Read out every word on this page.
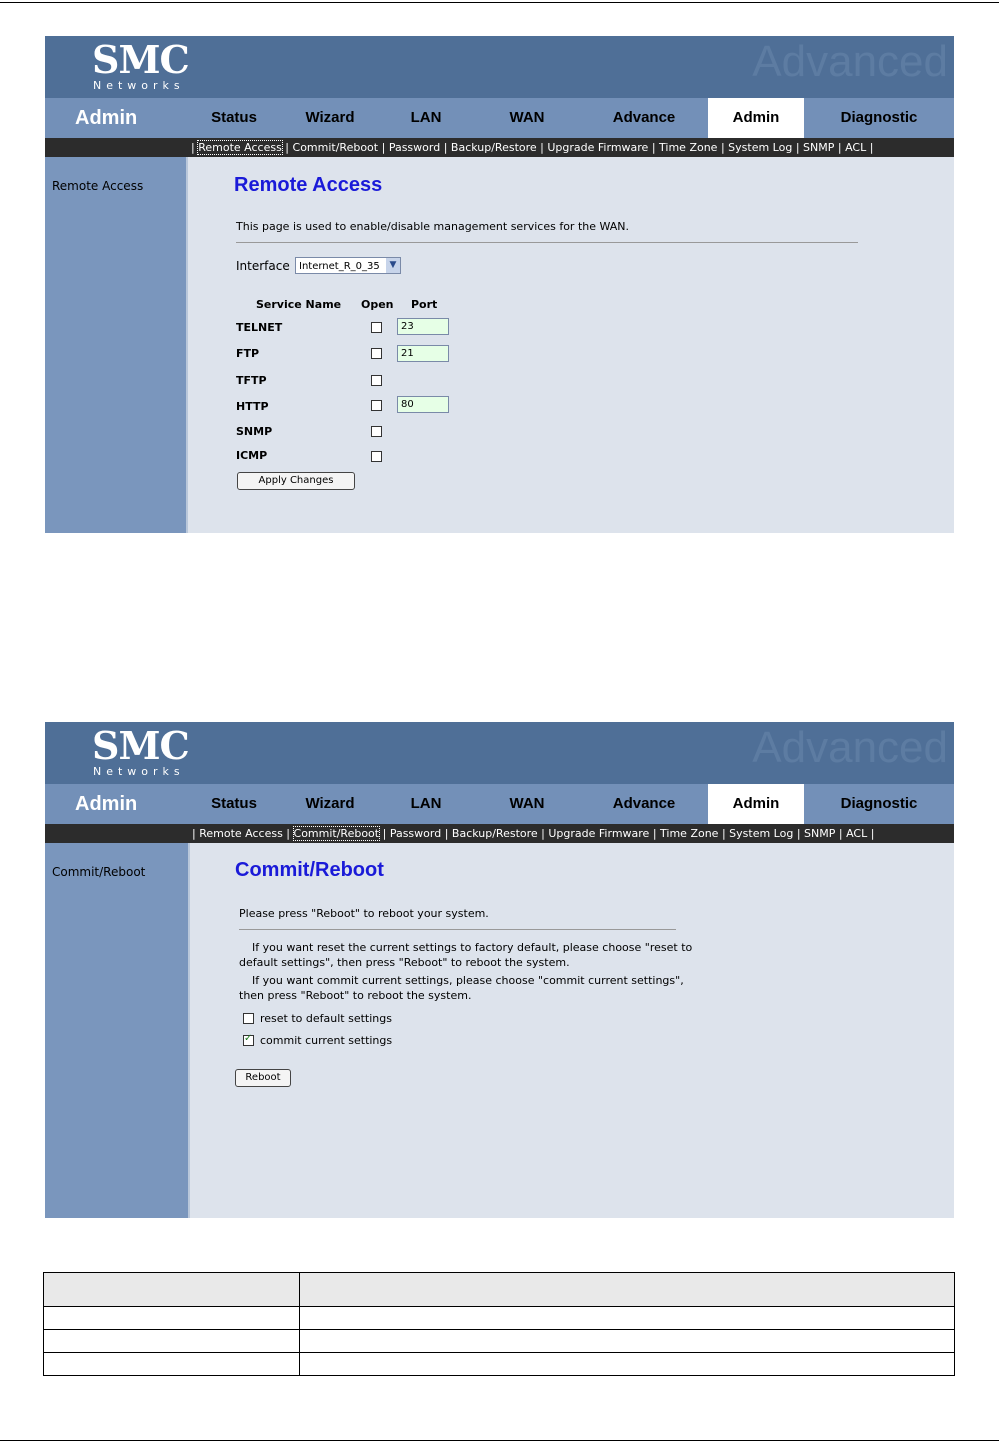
SMC
Networks	Advanced
Admin	Status	Wizard	LAN	WAN	Advance	Admin	Diagnostic
| Remote Access | Commit/Reboot | Password | Backup/Restore | Upgrade Firmware | Time Zone | System Log | SNMP | ACL |
Remote Access	Remote Access
This page is used to enable/disable management services for the WAN.
Interface Internet_R_0_35	▼
Service Name Open Port
TELNET	23
FTP	21
TFTP
HTTP	80
SNMP
ICMP
Apply Changes
SMC
Networks	Advanced
Admin	Status	Wizard	LAN	WAN	Advance	Admin	Diagnostic
| Remote Access | Commit/Reboot | Password | Backup/Restore | Upgrade Firmware | Time Zone | System Log | SNMP | ACL |
Commit/Reboot	Commit/Reboot
Please press "Reboot" to reboot your system.
If you want reset the current settings to factory default, please choose "reset to
default settings", then press "Reboot" to reboot the system.
If you want commit current settings, please choose "commit current settings",
then press "Reboot" to reboot the system.
reset to default settings
✓
commit current settings
Reboot
